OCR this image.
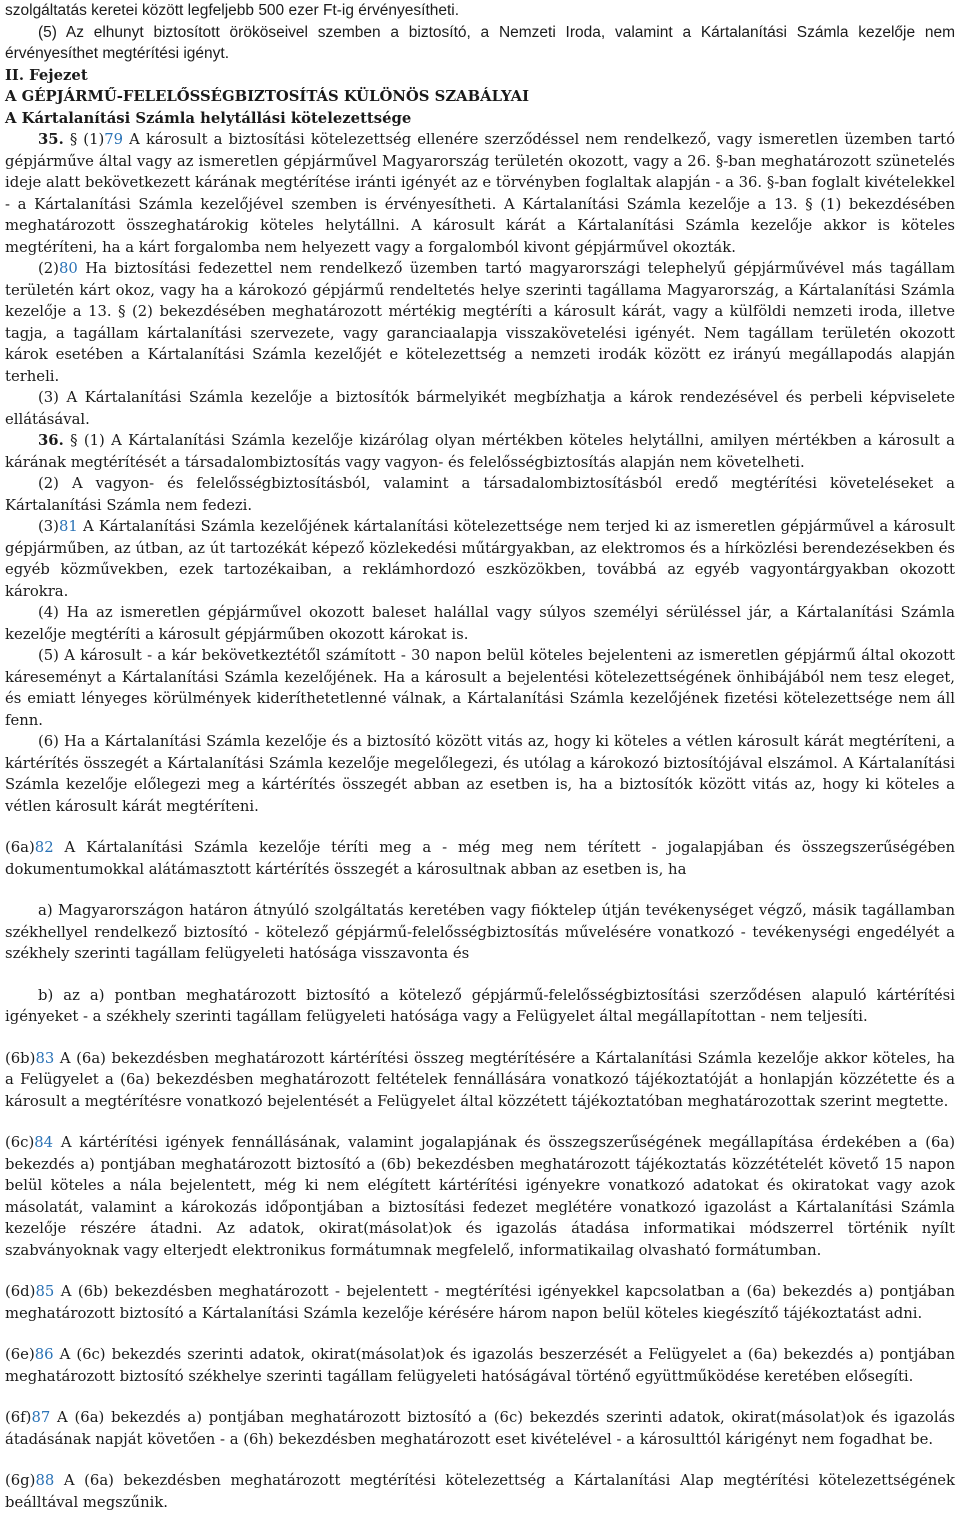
szolgáltatás keretei között legfeljebb 500 ezer Ft-ig érvényesítheti.

(5) Az elhunyt biztosított örököseivel szemben a biztosító, a Nemzeti Iroda, valamint a Kártalanítási Számla kezelője nem érvényesíthet megtérítési igényt.

II. Fejezet

A GÉPJÁRMŰ-FELELŐSSÉGBIZTOSÍTÁS KÜLÖNÖS SZABÁLYAI

A Kártalanítási Számla helytállási kötelezettsége

35. § (1)79 A károsult a biztosítási kötelezettség ellenére szerződéssel nem rendelkező, vagy ismeretlen üzemben tartó gépjárműve által vagy az ismeretlen gépjárművel Magyarország területén okozott, vagy a 26. §-ban meghatározott szünetelés ideje alatt bekövetkezett kárának megtérítése iránti igényét az e törvényben foglaltak alapján - a 36. §-ban foglalt kivételekkel - a Kártalanítási Számla kezelőjével szemben is érvényesítheti. A Kártalanítási Számla kezelője a 13. § (1) bekezdésében meghatározott összeghatárokig köteles helytállni. A károsult kárát a Kártalanítási Számla kezelője akkor is köteles megtéríteni, ha a kárt forgalomba nem helyezett vagy a forgalomból kivont gépjárművel okozták.

(2)80 Ha biztosítási fedezettel nem rendelkező üzemben tartó magyarországi telephelyű gépjárművével más tagállam területén kárt okoz, vagy ha a károkozó gépjármű rendeltetés helye szerinti tagállama Magyarország, a Kártalanítási Számla kezelője a 13. § (2) bekezdésében meghatározott mértékig megtéríti a károsult kárát, vagy a külföldi nemzeti iroda, illetve tagja, a tagállam kártalanítási szervezete, vagy garanciaalapja visszakövetelési igényét. Nem tagállam területén okozott károk esetében a Kártalanítási Számla kezelőjét e kötelezettség a nemzeti irodák között ez irányú megállapodás alapján terheli.

(3) A Kártalanítási Számla kezelője a biztosítók bármelyikét megbízhatja a károk rendezésével és perbeli képviselete ellátásával.

36. § (1) A Kártalanítási Számla kezelője kizárólag olyan mértékben köteles helytállni, amilyen mértékben a károsult a kárának megtérítését a társadalombiztosítás vagy vagyon- és felelősségbiztosítás alapján nem követelheti.

(2) A vagyon- és felelősségbiztosításból, valamint a társadalombiztosításból eredő megtérítési követeléseket a Kártalanítási Számla nem fedezi.

(3)81 A Kártalanítási Számla kezelőjének kártalanítási kötelezettsége nem terjed ki az ismeretlen gépjárművel a károsult gépjárműben, az útban, az út tartozékát képező közlekedési műtárgyakban, az elektromos és a hírközlési berendezésekben és egyéb közművekben, ezek tartozékaiban, a reklámhordozó eszközökben, továbbá az egyéb vagyontárgyakban okozott károkra.

(4) Ha az ismeretlen gépjárművel okozott baleset halállal vagy súlyos személyi sérüléssel jár, a Kártalanítási Számla kezelője megtéríti a károsult gépjárműben okozott károkat is.

(5) A károsult - a kár bekövetkeztétől számított - 30 napon belül köteles bejelenteni az ismeretlen gépjármű által okozott káreseményt a Kártalanítási Számla kezelőjének. Ha a károsult a bejelentési kötelezettségének önhibájából nem tesz eleget, és emiatt lényeges körülmények kideríthetetlenné válnak, a Kártalanítási Számla kezelőjének fizetési kötelezettsége nem áll fenn.

(6) Ha a Kártalanítási Számla kezelője és a biztosító között vitás az, hogy ki köteles a vétlen károsult kárát megtéríteni, a kártérítés összegét a Kártalanítási Számla kezelője megelőlegezi, és utólag a károkozó biztosítójával elszámol. A Kártalanítási Számla kezelője előlegezi meg a kártérítés összegét abban az esetben is, ha a biztosítók között vitás az, hogy ki köteles a vétlen károsult kárát megtéríteni.

(6a)82 A Kártalanítási Számla kezelője téríti meg a - még meg nem térített - jogalapjában és összegszerűségében dokumentumokkal alátámasztott kártérítés összegét a károsultnak abban az esetben is, ha

a) Magyarországon határon átnyúló szolgáltatás keretében vagy fióktelep útján tevékenységet végző, másik tagállamban székhellyel rendelkező biztosító - kötelező gépjármű-felelősségbiztosítás művelésére vonatkozó - tevékenységi engedélyét a székhely szerinti tagállam felügyeleti hatósága visszavonta és

b) az a) pontban meghatározott biztosító a kötelező gépjármű-felelősségbiztosítási szerződésen alapuló kártérítési igényeket - a székhely szerinti tagállam felügyeleti hatósága vagy a Felügyelet által megállapítottan - nem teljesíti.

(6b)83 A (6a) bekezdésben meghatározott kártérítési összeg megtérítésére a Kártalanítási Számla kezelője akkor köteles, ha a Felügyelet a (6a) bekezdésben meghatározott feltételek fennállására vonatkozó tájékoztatóját a honlapján közzétette és a károsult a megtérítésre vonatkozó bejelentését a Felügyelet által közzétett tájékoztatóban meghatározottak szerint megtette.

(6c)84 A kártérítési igények fennállásának, valamint jogalapjának és összegszerűségének megállapítása érdekében a (6a) bekezdés a) pontjában meghatározott biztosító a (6b) bekezdésben meghatározott tájékoztatás közzétételét követő 15 napon belül köteles a nála bejelentett, még ki nem elégített kártérítési igényekre vonatkozó adatokat és okiratokat vagy azok másolatát, valamint a károkozás időpontjában a biztosítási fedezet meglétére vonatkozó igazolást a Kártalanítási Számla kezelője részére átadni. Az adatok, okirat(másolat)ok és igazolás átadása informatikai módszerrel történik nyílt szabványoknak vagy elterjedt elektronikus formátumnak megfelelő, informatikailag olvasható formátumban.

(6d)85 A (6b) bekezdésben meghatározott - bejelentett - megtérítési igényekkel kapcsolatban a (6a) bekezdés a) pontjában meghatározott biztosító a Kártalanítási Számla kezelője kérésére három napon belül köteles kiegészítő tájékoztatást adni.

(6e)86 A (6c) bekezdés szerinti adatok, okirat(másolat)ok és igazolás beszerzését a Felügyelet a (6a) bekezdés a) pontjában meghatározott biztosító székhelye szerinti tagállam felügyeleti hatóságával történő együttműködése keretében elősegíti.

(6f)87 A (6a) bekezdés a) pontjában meghatározott biztosító a (6c) bekezdés szerinti adatok, okirat(másolat)ok és igazolás átadásának napját követően - a (6h) bekezdésben meghatározott eset kivételével - a károsulttól kárigényt nem fogadhat be.

(6g)88 A (6a) bekezdésben meghatározott megtérítési kötelezettség a Kártalanítási Alap megtérítési kötelezettségének beálltával megszűnik.
